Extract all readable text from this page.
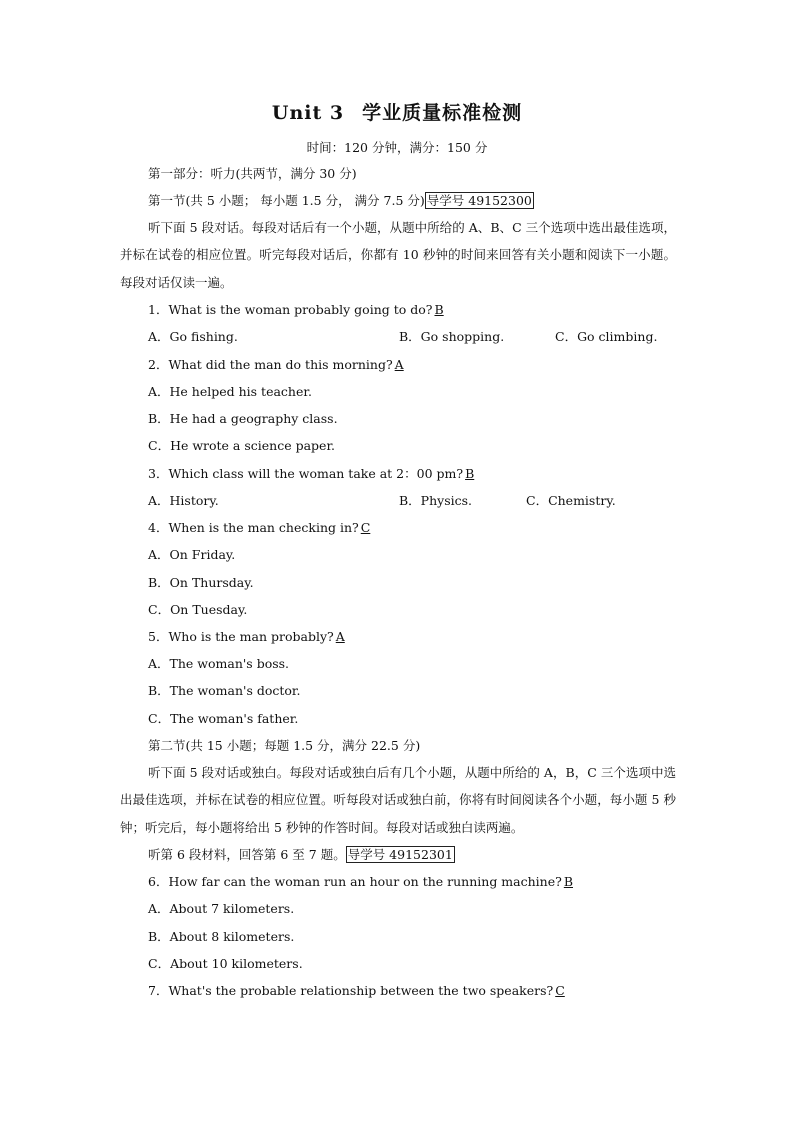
Unit 3 学业质量标准检测
时间：120 分钟，满分：150 分
第一部分：听力(共两节，满分 30 分)
第一节(共 5 小题； 每小题 1.5 分， 满分 7.5 分) 导学号 49152300
听下面 5 段对话。每段对话后有一个小题，从题中所给的 A、B、C 三个选项中选出最佳选项，并标在试卷的相应位置。听完每段对话后，你都有 10 秒钟的时间来回答有关小题和阅读下一小题。每段对话仅读一遍。
1．What is the woman probably going to do? B
A．Go fishing.	B．Go shopping.	C．Go climbing.
2．What did the man do this morning? A
A．He helped his teacher.
B．He had a geography class.
C．He wrote a science paper.
3．Which class will the woman take at 2：00 pm? B
A．History.	B．Physics.	C．Chemistry.
4．When is the man checking in? C
A．On Friday.
B．On Thursday.
C．On Tuesday.
5．Who is the man probably? A
A．The woman's boss.
B．The woman's doctor.
C．The woman's father.
第二节(共 15 小题；每题 1.5 分，满分 22.5 分)
听下面 5 段对话或独白。每段对话或独白后有几个小题，从题中所给的 A，B，C 三个选项中选出最佳选项，并标在试卷的相应位置。听每段对话或独白前，你将有时间阅读各个小题，每小题 5 秒钟；听完后，每小题将给出 5 秒钟的作答时间。每段对话或独白读两遍。
听第 6 段材料，回答第 6 至 7 题。 导学号 49152301
6．How far can the woman run an hour on the running machine? B
A．About 7 kilometers.
B．About 8 kilometers.
C．About 10 kilometers.
7．What's the probable relationship between the two speakers? C
